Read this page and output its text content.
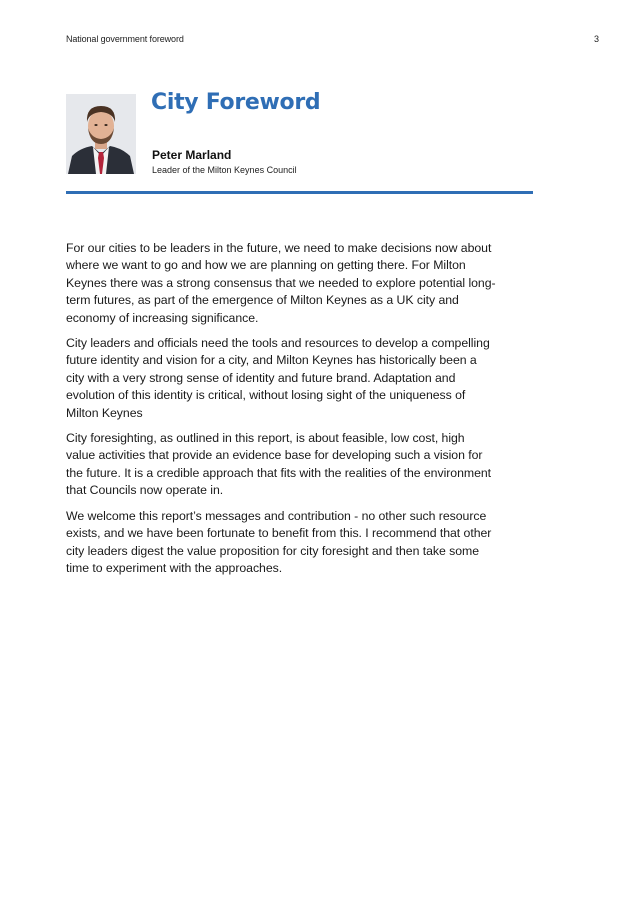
National government foreword	3
City Foreword
Peter Marland
Leader of the Milton Keynes Council

For our cities to be leaders in the future, we need to make decisions now about where we want to go and how we are planning on getting there. For Milton Keynes there was a strong consensus that we needed to explore potential long-term futures, as part of the emergence of Milton Keynes as a UK city and economy of increasing significance.

City leaders and officials need the tools and resources to develop a compelling future identity and vision for a city, and Milton Keynes has historically been a city with a very strong sense of identity and future brand. Adaptation and evolution of this identity is critical, without losing sight of the uniqueness of Milton Keynes

City foresighting, as outlined in this report, is about feasible, low cost, high value activities that provide an evidence base for developing such a vision for the future. It is a credible approach that fits with the realities of the environment that Councils now operate in.

We welcome this report’s messages and contribution - no other such resource exists, and we have been fortunate to benefit from this. I recommend that other city leaders digest the value proposition for city foresight and then take some time to experiment with the approaches.
